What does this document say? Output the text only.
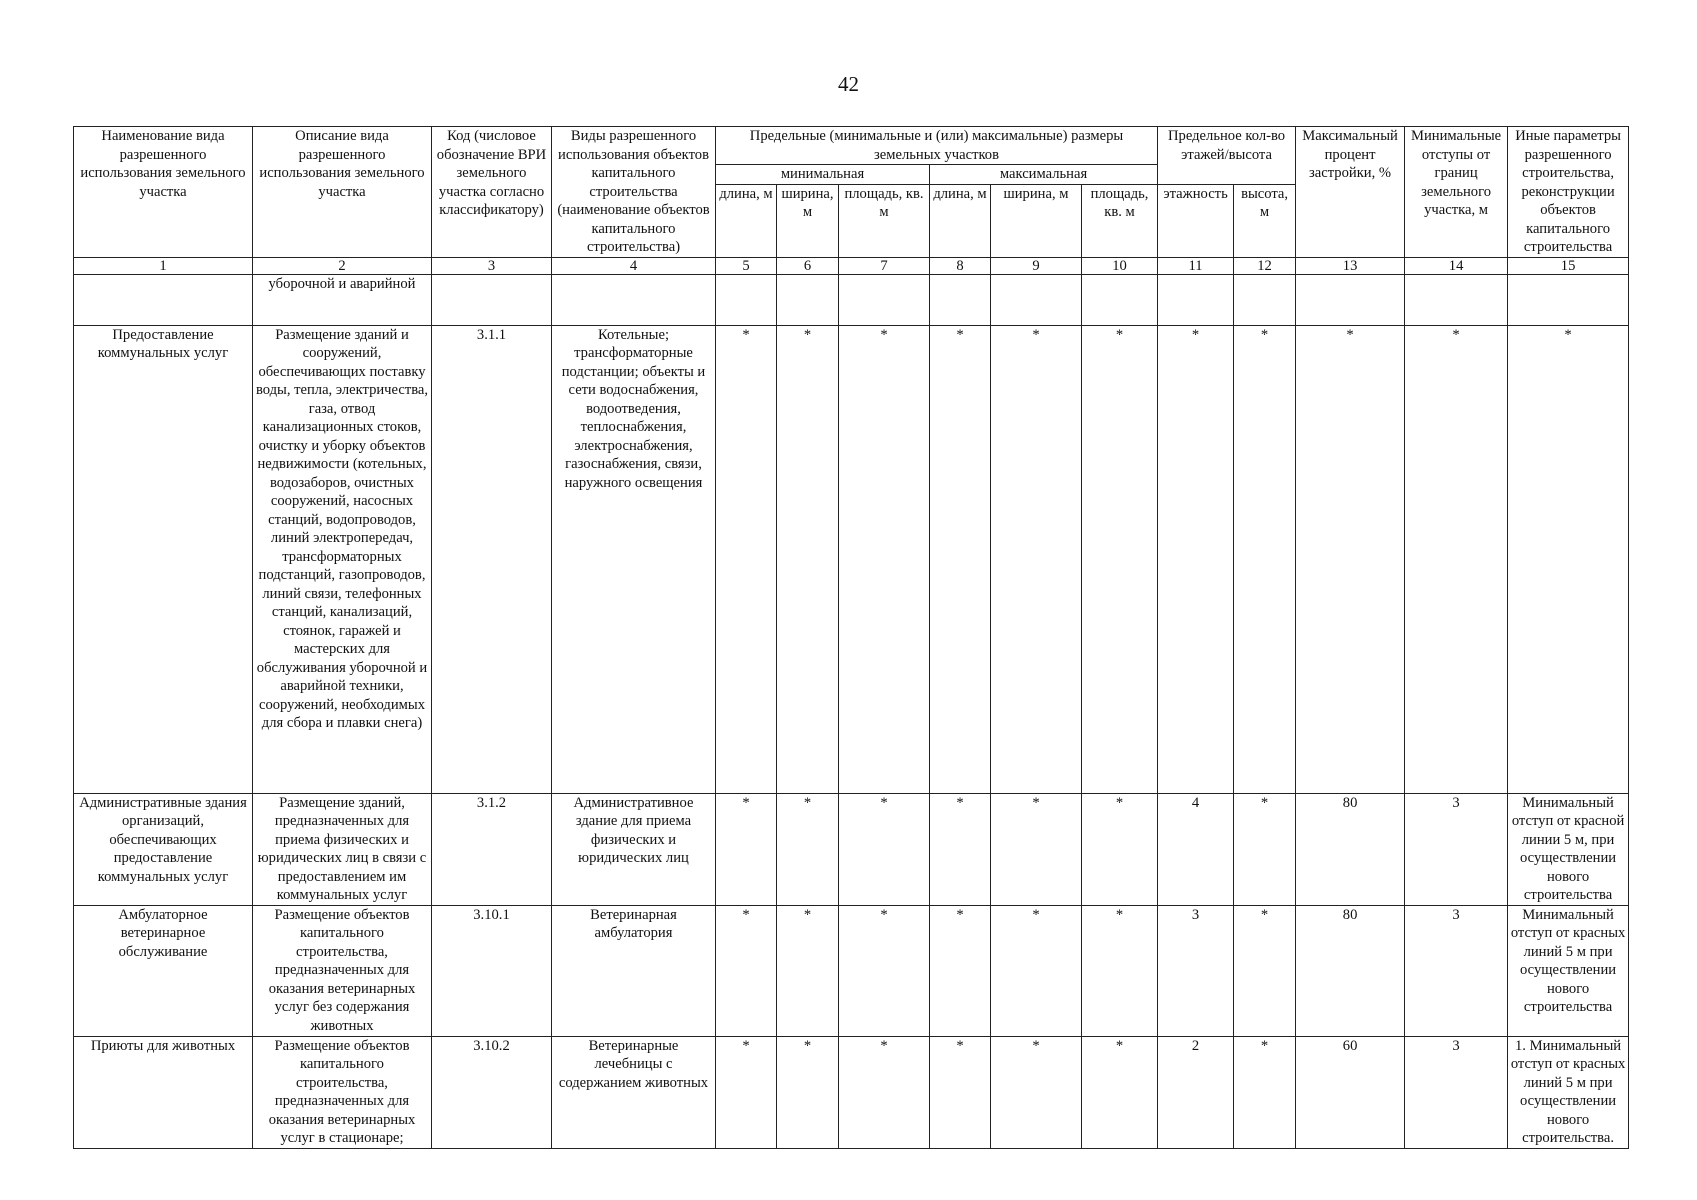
42
Наименование вида разрешенного использования земельного участка	Описание вида разрешенного использования земельного участка	Код (числовое обозначение ВРИ земельного участка согласно классификатору)	Виды разрешенного использования объектов капитального строительства (наименование объектов капитального строительства)	Предельные (минимальные и (или) максимальные) размеры земельных участков						Предельное кол-во этажей/высота		Максимальный процент застройки, %	Минимальные отступы от границ земельного участка, м	Иные параметры разрешенного строительства, реконструкции объектов капитального строительства
				минимальная			максимальная							
				длина, м	ширина, м	площадь, кв. м	длина, м	ширина, м	площадь, кв. м	этажность	высота, м			
1	2	3	4	5	6	7	8	9	10	11	12	13	14	15
	уборочной и аварийной													
Предоставление коммунальных услуг	Размещение зданий и сооружений, обеспечивающих поставку воды, тепла, электричества, газа, отвод канализационных стоков, очистку и уборку объектов недвижимости (котельных, водозаборов, очистных сооружений, насосных станций, водопроводов, линий электропередач, трансформаторных подстанций, газопроводов, линий связи, телефонных станций, канализаций, стоянок, гаражей и мастерских для обслуживания уборочной и аварийной техники, сооружений, необходимых для сбора и плавки снега)	3.1.1	Котельные; трансформаторные подстанции; объекты и сети водоснабжения, водоотведения, теплоснабжения, электроснабжения, газоснабжения, связи, наружного освещения	*	*	*	*	*	*	*	*	*	*	*
Административные здания организаций, обеспечивающих предоставление коммунальных услуг	Размещение зданий, предназначенных для приема физических и юридических лиц в связи с предоставлением им коммунальных услуг	3.1.2	Административное здание для приема физических и юридических лиц	*	*	*	*	*	*	4	*	80	3	Минимальный отступ от красной линии 5 м, при осуществлении нового строительства
Амбулаторное ветеринарное обслуживание	Размещение объектов капитального строительства, предназначенных для оказания ветеринарных услуг без содержания животных	3.10.1	Ветеринарная амбулатория	*	*	*	*	*	*	3	*	80	3	Минимальный отступ от красных линий 5 м при осуществлении нового строительства
Приюты для животных	Размещение объектов капитального строительства, предназначенных для оказания ветеринарных услуг в стационаре;	3.10.2	Ветеринарные лечебницы с содержанием животных	*	*	*	*	*	*	2	*	60	3	1. Минимальный отступ от красных линий 5 м при осуществлении нового строительства.
